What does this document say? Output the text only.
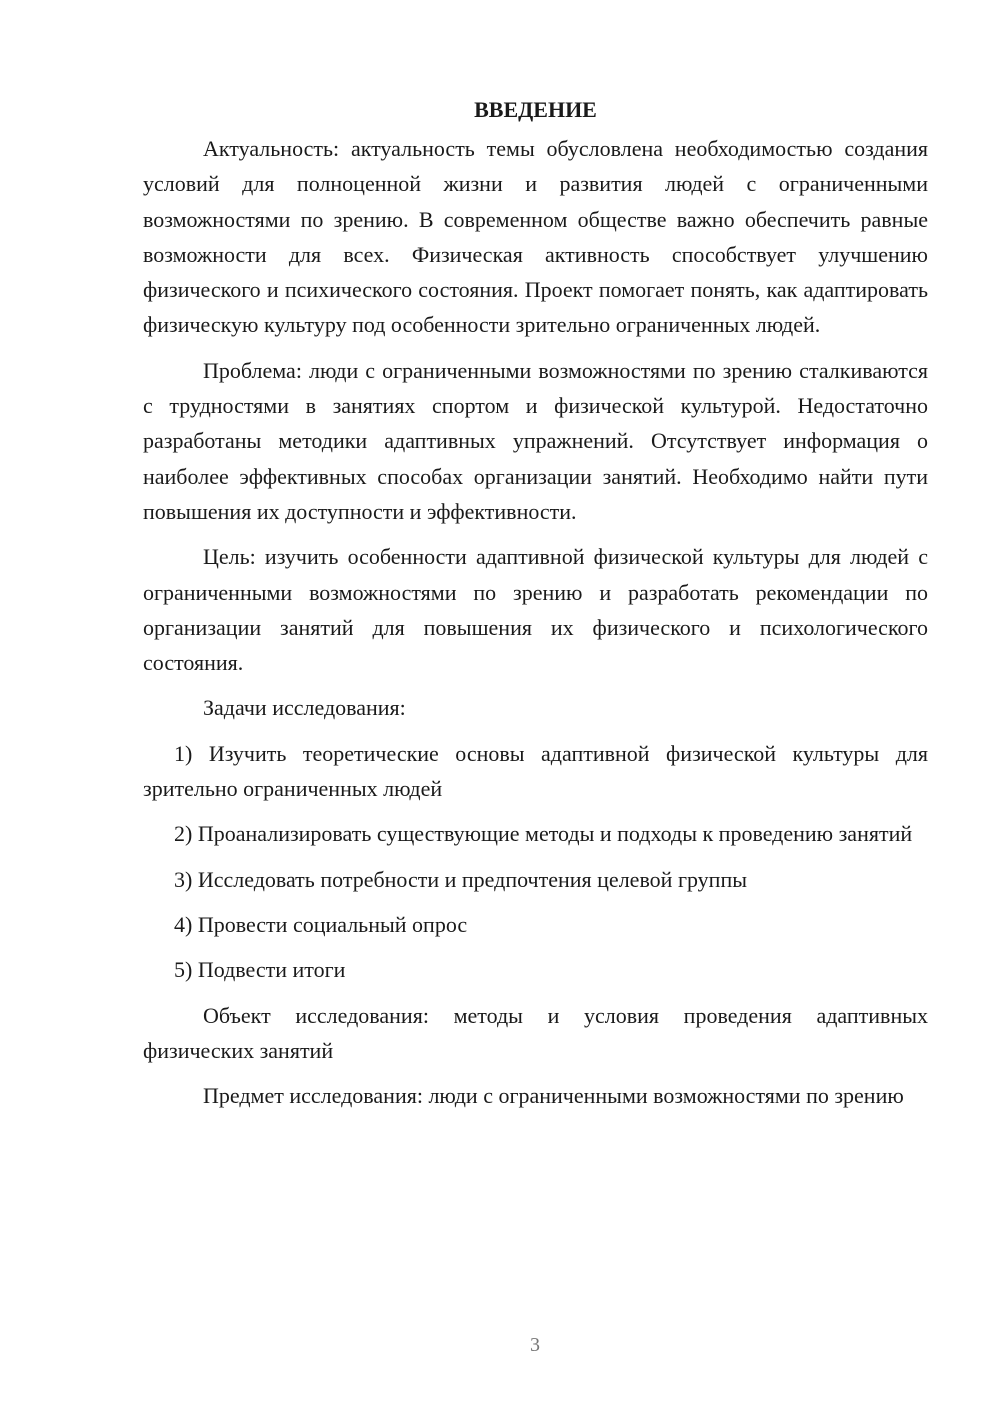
ВВЕДЕНИЕ

Актуальность: актуальность темы обусловлена необходимостью создания условий для полноценной жизни и развития людей с ограниченными возможностями по зрению. В современном обществе важно обеспечить равные возможности для всех. Физическая активность способствует улучшению физического и психического состояния. Проект помогает понять, как адаптировать физическую культуру под особенности зрительно ограниченных людей.

Проблема: люди с ограниченными возможностями по зрению сталкиваются с трудностями в занятиях спортом и физической культурой. Недостаточно разработаны методики адаптивных упражнений. Отсутствует информация о наиболее эффективных способах организации занятий. Необходимо найти пути повышения их доступности и эффективности.

Цель: изучить особенности адаптивной физической культуры для людей с ограниченными возможностями по зрению и разработать рекомендации по организации занятий для повышения их физического и психологического состояния.

Задачи исследования:

1) Изучить теоретические основы адаптивной физической культуры для зрительно ограниченных людей

2) Проанализировать существующие методы и подходы к проведению занятий

3) Исследовать потребности и предпочтения целевой группы

4) Провести социальный опрос

5) Подвести итоги

Объект исследования: методы и условия проведения адаптивных физических занятий

Предмет исследования: люди с ограниченными возможностями по зрению

3
